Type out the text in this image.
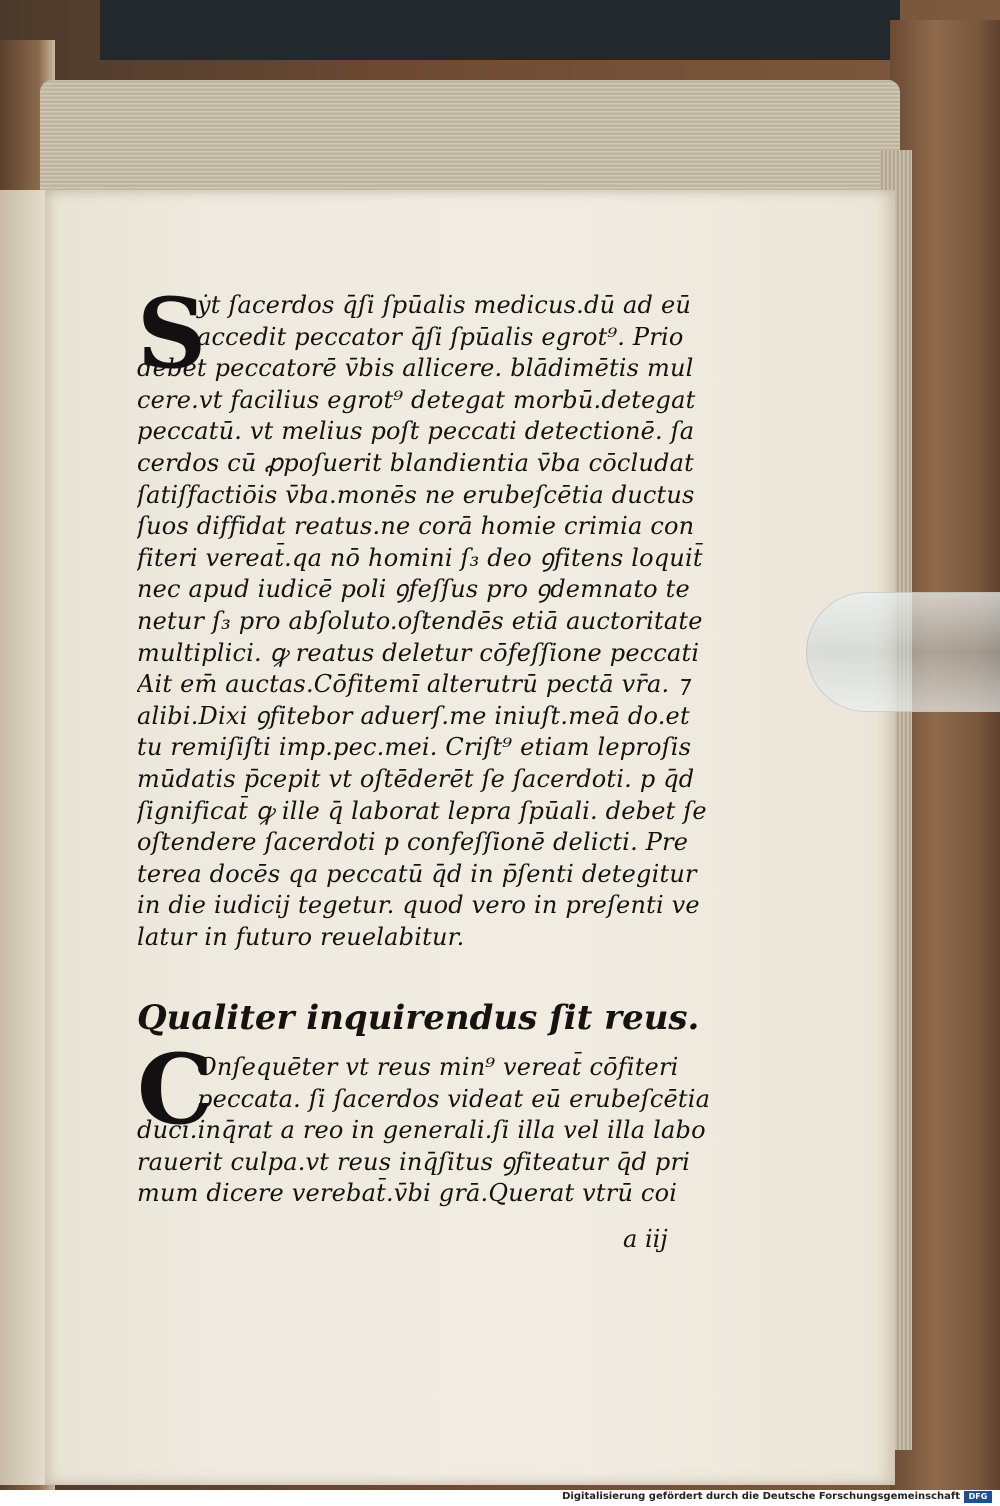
S
ẏt ſacerdos q̄ſi ſpūalis medicus.dū ad eū
accedit peccator q̄ſi ſpūalis egrot⁹. Prio
debet peccatorē v̄bis allicere. blādimētis mul
cere.vt facilius egrot⁹ detegat morbū.detegat
peccatū. vt melius poſt peccati detectionē. ſa
cerdos cū ꝓpoſuerit blandientia v̄ba cōcludat
ſatiſfactiōis v̄ba.monēs ne erubeſcētia ductus
ſuos diffidat reatus.ne corā homie crimia con
fiteri vereat̄.qa nō homini ſ₃ deo ꝯfitens loquit̄
nec apud iudicē poli ꝯfeſſus pro ꝯdemnato te
netur ſ₃ pro abſoluto.oſtendēs etiā auctoritate
multiplici. ꝙ reatus deletur cōfeſſione peccati
Ait em̄ auctas.Cōfitemī alterutrū pectā vr̄a. ⁊
alibi.Dixi ꝯfitebor aduerſ.me iniuſt.meā do.et
tu remiſiſti imp.pec.mei. Criſt⁹ etiam leproſis
mūdatis p̄cepit vt oſtēderēt ſe ſacerdoti. p q̄d
ſignificat̄ ꝙ ille q̄ laborat lepra ſpūali. debet ſe
oſtendere ſacerdoti p confeſſionē delicti. Pre
terea docēs qa peccatū q̄d in p̄ſenti detegitur
in die iudicij tegetur. quod vero in preſenti ve
latur in futuro reuelabitur.
Qualiter inquirendus ſit reus.
C
Onſequēter vt reus min⁹ vereat̄ cōfiteri
peccata. ſi ſacerdos videat eū erubeſcētia
duci.inq̄rat a reo in generali.ſi illa vel illa labo
rauerit culpa.vt reus inq̄ſitus ꝯfiteatur q̄d pri
mum dicere verebat̄.v̄bi grā.Querat vtrū coi
a iij
Digitalisierung gefördert durch die Deutsche Forschungsgemeinschaft	DFG
